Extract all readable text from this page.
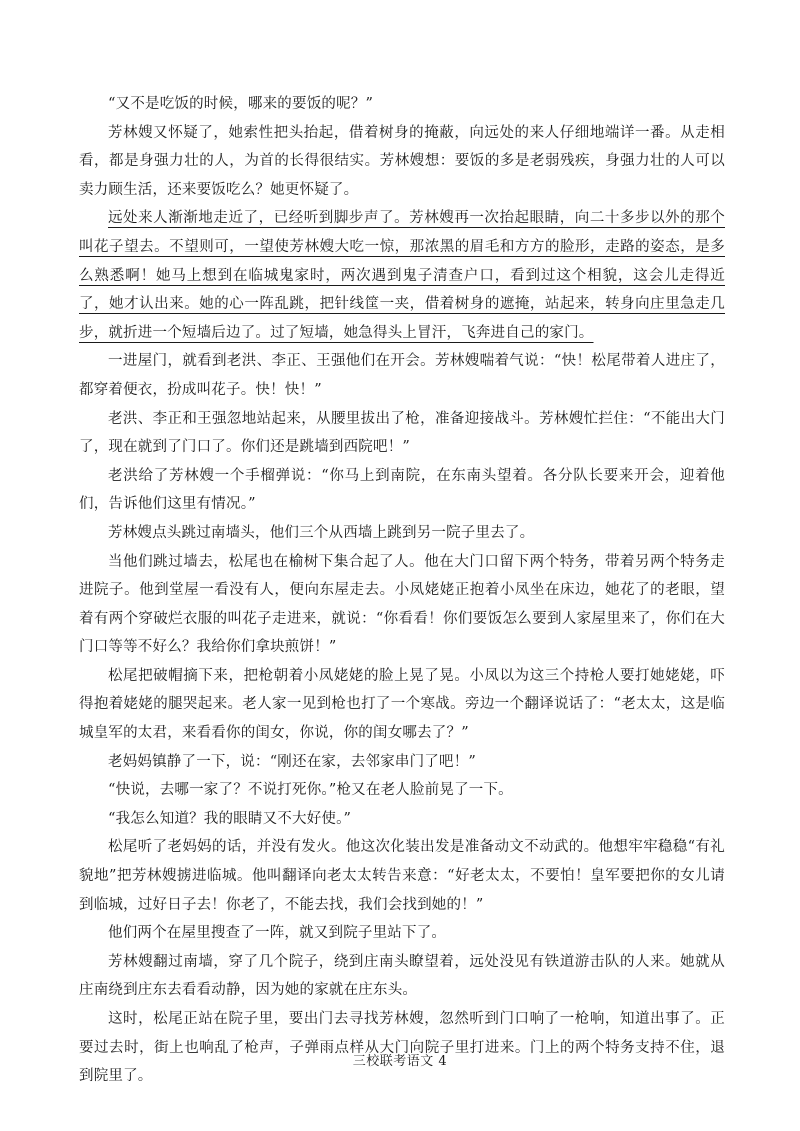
“又不是吃饭的时候，哪来的要饭的呢？”

芳林嫂又怀疑了，她索性把头抬起，借着树身的掩蔽，向远处的来人仔细地端详一番。从走相看，都是身强力壮的人，为首的长得很结实。芳林嫂想：要饭的多是老弱残疾，身强力壮的人可以卖力顾生活，还来要饭吃么？她更怀疑了。

远处来人渐渐地走近了，已经听到脚步声了。芳林嫂再一次抬起眼睛，向二十多步以外的那个叫花子望去。不望则可，一望使芳林嫂大吃一惊，那浓黑的眉毛和方方的脸形，走路的姿态，是多么熟悉啊！她马上想到在临城鬼家时，两次遇到鬼子清查户口，看到过这个相貌，这会儿走得近了，她才认出来。她的心一阵乱跳，把针线筐一夹，借着树身的遮掩，站起来，转身向庄里急走几步，就折进一个短墙后边了。过了短墙，她急得头上冒汗，飞奔进自己的家门。

一进屋门，就看到老洪、李正、王强他们在开会。芳林嫂喘着气说：“快！松尾带着人进庄了，都穿着便衣，扮成叫花子。快！快！”

老洪、李正和王强忽地站起来，从腰里拔出了枪，准备迎接战斗。芳林嫂忙拦住：“不能出大门了，现在就到了门口了。你们还是跳墙到西院吧！”

老洪给了芳林嫂一个手榴弹说：“你马上到南院，在东南头望着。各分队长要来开会，迎着他们，告诉他们这里有情况。”

芳林嫂点头跳过南墙头，他们三个从西墙上跳到另一院子里去了。

当他们跳过墙去，松尾也在榆树下集合起了人。他在大门口留下两个特务，带着另两个特务走进院子。他到堂屋一看没有人，便向东屋走去。小凤姥姥正抱着小凤坐在床边，她花了的老眼，望着有两个穿破烂衣服的叫花子走进来，就说：“你看看！你们要饭怎么要到人家屋里来了，你们在大门口等等不好么？我给你们拿块煎饼！”

松尾把破帽摘下来，把枪朝着小凤姥姥的脸上晃了晃。小凤以为这三个持枪人要打她姥姥，吓得抱着姥姥的腿哭起来。老人家一见到枪也打了一个寒战。旁边一个翻译说话了：“老太太，这是临城皇军的太君，来看看你的闺女，你说，你的闺女哪去了？”

老妈妈镇静了一下，说：“刚还在家，去邻家串门了吧！”

“快说，去哪一家了？不说打死你。”枪又在老人脸前晃了一下。

“我怎么知道？我的眼睛又不大好使。”

松尾听了老妈妈的话，并没有发火。他这次化装出发是准备动文不动武的。他想牢牢稳稳“有礼貌地”把芳林嫂掳进临城。他叫翻译向老太太转告来意：“好老太太，不要怕！皇军要把你的女儿请到临城，过好日子去！你老了，不能去找，我们会找到她的！”

他们两个在屋里搜查了一阵，就又到院子里站下了。

芳林嫂翻过南墙，穿了几个院子，绕到庄南头瞭望着，远处没见有铁道游击队的人来。她就从庄南绕到庄东去看看动静，因为她的家就在庄东头。

这时，松尾正站在院子里，要出门去寻找芳林嫂，忽然听到门口响了一枪响，知道出事了。正要过去时，街上也响乱了枪声，子弹雨点样从大门向院子里打进来。门上的两个特务支持不住，退到院里了。

三校联考语文 4
